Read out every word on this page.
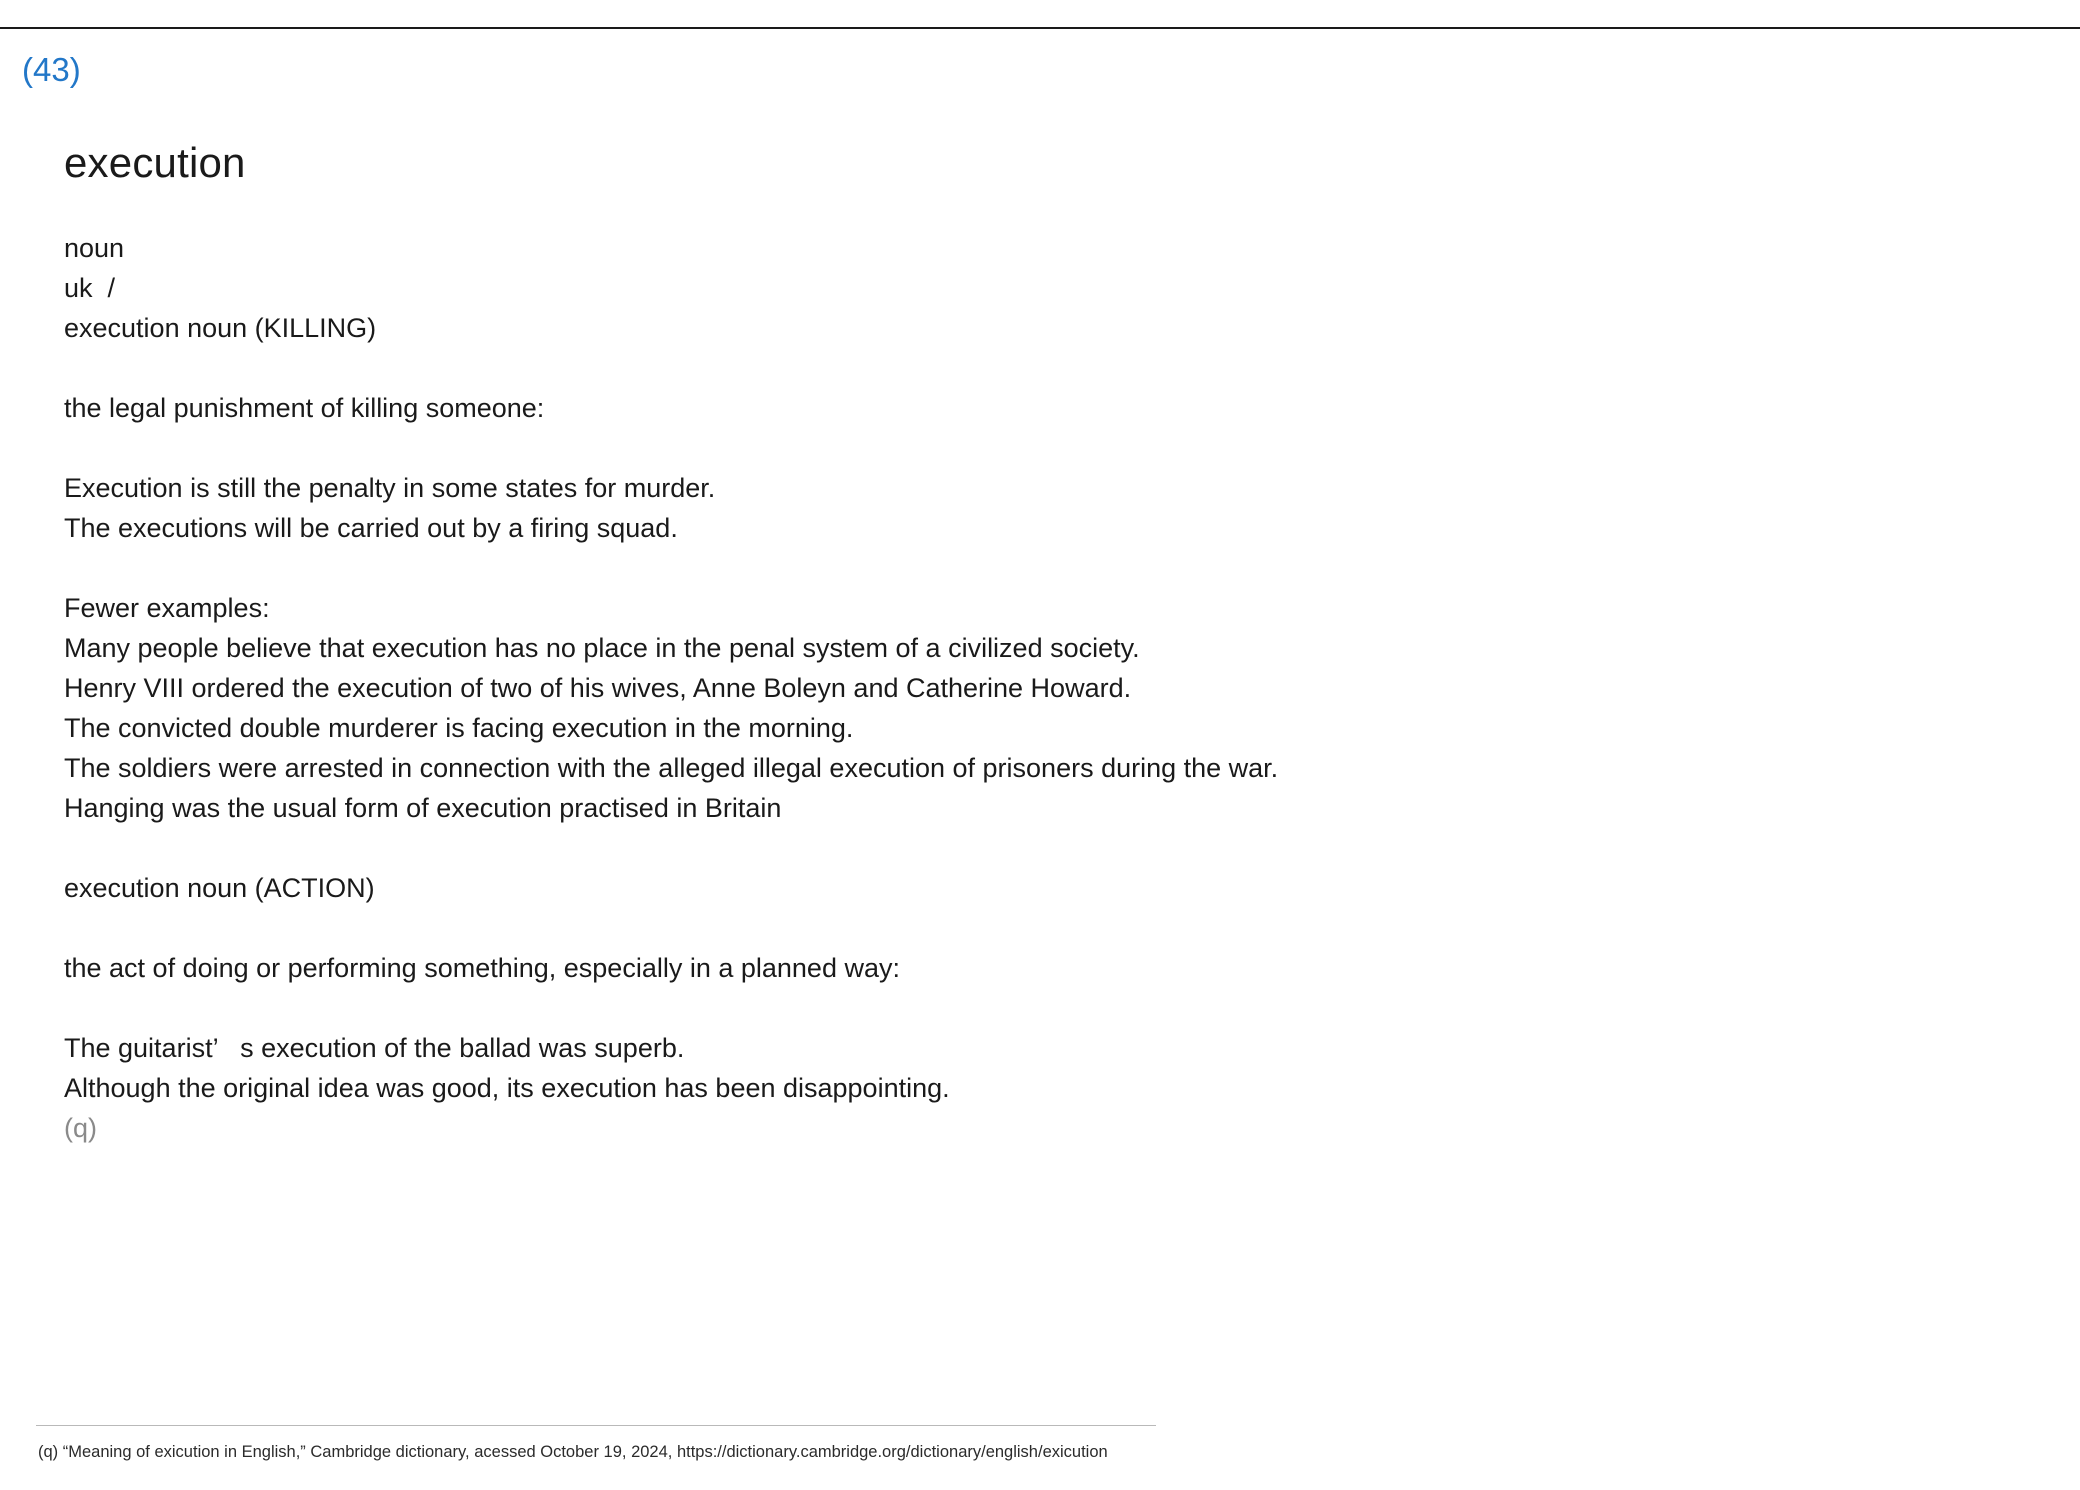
(43)
execution
noun
uk  /
execution noun (KILLING)
the legal punishment of killing someone:
Execution is still the penalty in some states for murder.
The executions will be carried out by a firing squad.
Fewer examples:
Many people believe that execution has no place in the penal system of a civilized society.
Henry VIII ordered the execution of two of his wives, Anne Boleyn and Catherine Howard.
The convicted double murderer is facing execution in the morning.
The soldiers were arrested in connection with the alleged illegal execution of prisoners during the war.
Hanging was the usual form of execution practised in Britain
execution noun (ACTION)
the act of doing or performing something, especially in a planned way:
The guitarist’   s execution of the ballad was superb.
Although the original idea was good, its execution has been disappointing.
(q)
(q) “Meaning of exicution in English,” Cambridge dictionary, acessed October 19, 2024, https://dictionary.cambridge.org/dictionary/english/exicution
